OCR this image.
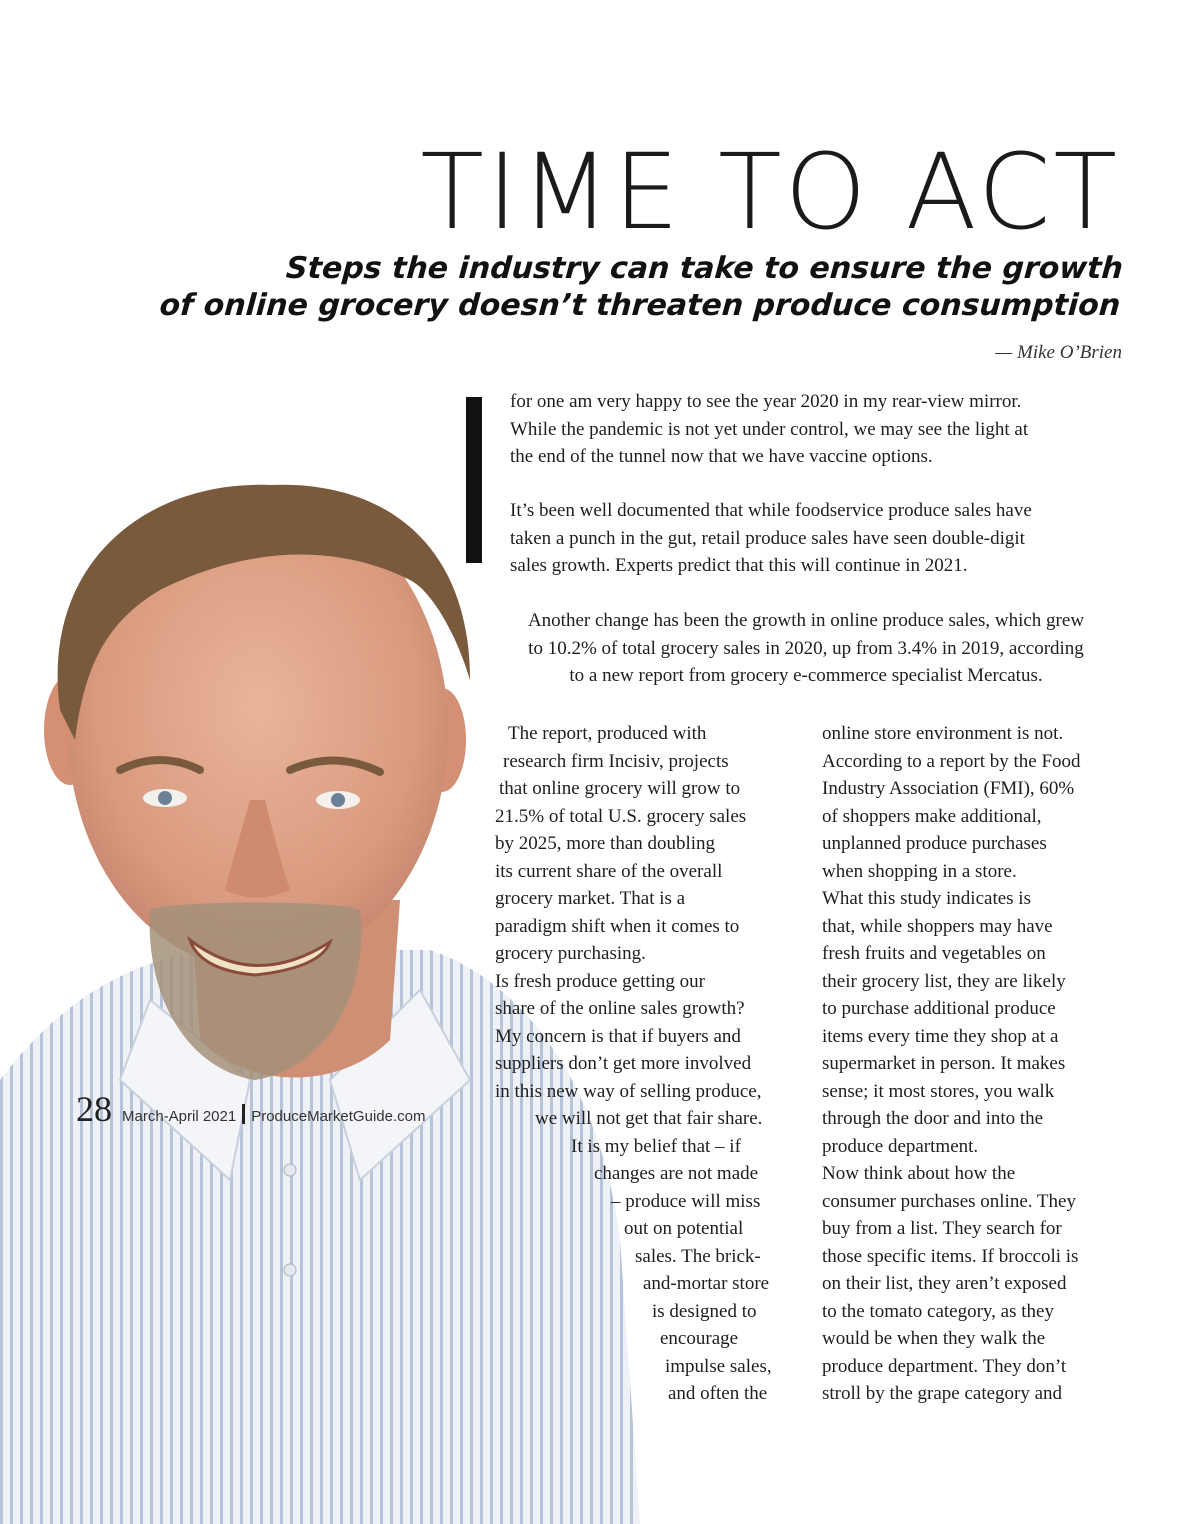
TIME TO ACT
Steps the industry can take to ensure the growth
of online grocery doesn’t threaten produce consumption
— Mike O’Brien

for one am very happy to see the year 2020 in my rear-view mirror.
While the pandemic is not yet under control, we may see the light at
the end of the tunnel now that we have vaccine options.

It’s been well documented that while foodservice produce sales have
taken a punch in the gut, retail produce sales have seen double-digit
sales growth. Experts predict that this will continue in 2021.

Another change has been the growth in online produce sales, which grew
to 10.2% of total grocery sales in 2020, up from 3.4% in 2019, according
to a new report from grocery e-commerce specialist Mercatus.

The report, produced with
research firm Incisiv, projects
that online grocery will grow to
21.5% of total U.S. grocery sales
by 2025, more than doubling
its current share of the overall
grocery market. That is a
paradigm shift when it comes to
grocery purchasing.
Is fresh produce getting our
share of the online sales growth?
My concern is that if buyers and
suppliers don’t get more involved
in this new way of selling produce,
we will not get that fair share.
It is my belief that – if
changes are not made
– produce will miss
out on potential
sales. The brick-
and-mortar store
is designed to
encourage
impulse sales,
and often the
online store environment is not.
According to a report by the Food
Industry Association (FMI), 60%
of shoppers make additional,
unplanned produce purchases
when shopping in a store.
What this study indicates is
that, while shoppers may have
fresh fruits and vegetables on
their grocery list, they are likely
to purchase additional produce
items every time they shop at a
supermarket in person. It makes
sense; it most stores, you walk
through the door and into the
produce department.
Now think about how the
consumer purchases online. They
buy from a list. They search for
those specific items. If broccoli is
on their list, they aren’t exposed
to the tomato category, as they
would be when they walk the
produce department. They don’t
stroll by the grape category and
28 March-April 2021 ProduceMarketGuide.com
